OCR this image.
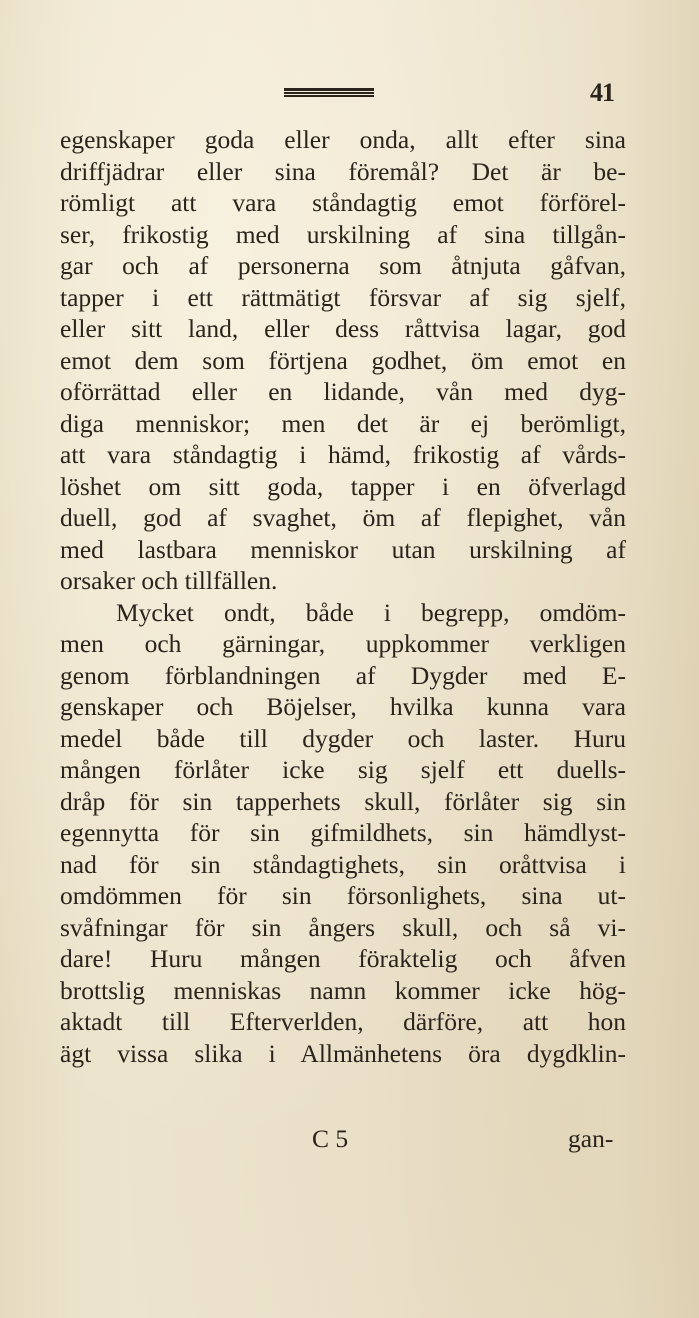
41
egenskaper goda eller onda, allt efter sina
driffjädrar eller sina föremål? Det är be-
römligt att vara ståndagtig emot förförel-
ser, frikostig med urskilning af sina tillgån-
gar och af personerna som åtnjuta gåfvan,
tapper i ett rättmätigt försvar af sig sjelf,
eller sitt land, eller dess råttvisa lagar, god
emot dem som förtjena godhet, öm emot en
oförrättad eller en lidande, vån med dyg-
diga menniskor; men det är ej berömligt,
att vara ståndagtig i hämd, frikostig af vårds-
löshet om sitt goda, tapper i en öfverlagd
duell, god af svaghet, öm af flepighet, vån
med lastbara menniskor utan urskilning af
orsaker och tillfällen.
Mycket ondt, både i begrepp, omdöm-
men och gärningar, uppkommer verkligen
genom förblandningen af Dygder med E-
genskaper och Böjelser, hvilka kunna vara
medel både till dygder och laster. Huru
mången förlåter icke sig sjelf ett duells-
dråp för sin tapperhets skull, förlåter sig sin
egennytta för sin gifmildhets, sin hämdlyst-
nad för sin ståndagtighets, sin oråttvisa i
omdömmen för sin försonlighets, sina ut-
svåfningar för sin ångers skull, och så vi-
dare! Huru mången föraktelig och åfven
brottslig menniskas namn kommer icke hög-
aktadt till Efterverlden, därföre, att hon
ägt vissa slika i Allmänhetens öra dygdklin-
C 5	gan-
